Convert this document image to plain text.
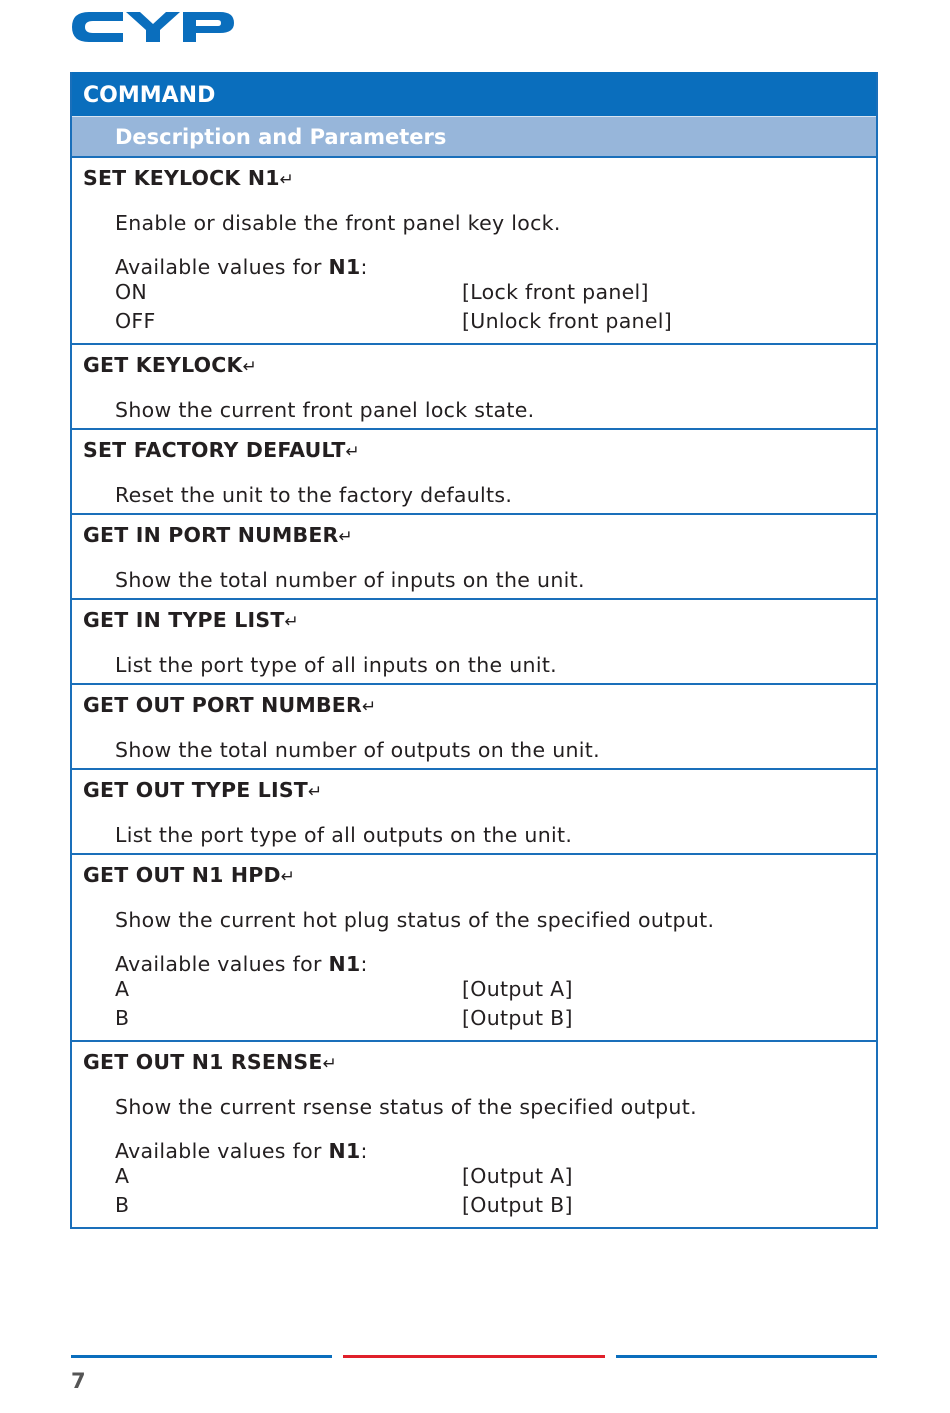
COMMAND
Description and Parameters
SET KEYLOCK N1↵
Enable or disable the front panel key lock.
Available values for N1:
ON	[Lock front panel]
OFF	[Unlock front panel]
GET KEYLOCK↵
Show the current front panel lock state.
SET FACTORY DEFAULT↵
Reset the unit to the factory defaults.
GET IN PORT NUMBER↵
Show the total number of inputs on the unit.
GET IN TYPE LIST↵
List the port type of all inputs on the unit.
GET OUT PORT NUMBER↵
Show the total number of outputs on the unit.
GET OUT TYPE LIST↵
List the port type of all outputs on the unit.
GET OUT N1 HPD↵
Show the current hot plug status of the specified output.
Available values for N1:
A	[Output A]
B	[Output B]
GET OUT N1 RSENSE↵
Show the current rsense status of the specified output.
Available values for N1:
A	[Output A]
B	[Output B]
7
